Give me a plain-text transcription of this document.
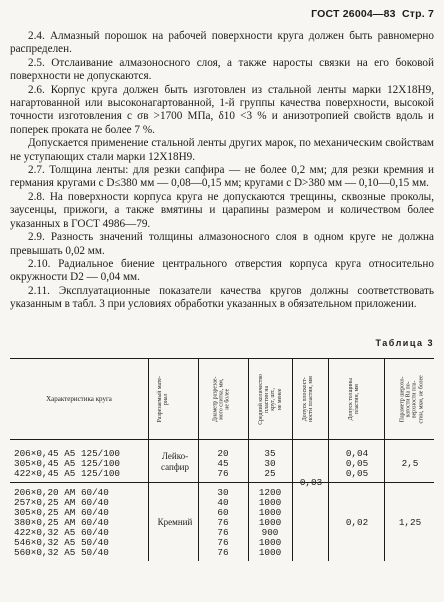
ГОСТ 26004—83 Стр. 7

2.4. Алмазный порошок на рабочей поверхности круга должен быть равномерно распределен.

2.5. Отслаивание алмазоносного слоя, а также наросты связки на его боковой поверхности не допускаются.

2.6. Корпус круга должен быть изготовлен из стальной ленты марки 12Х18Н9, нагартованной или высоконагартованной, 1-й группы качества поверхности, высокой точности изготовления с σв >1700 МПа, δ10 <3 % и анизотропией свойств вдоль и поперек проката не более 7 %.

Допускается применение стальной ленты других марок, по механическим свойствам не уступающих стали марки 12Х18Н9.

2.7. Толщина ленты: для резки сапфира — не более 0,2 мм; для резки кремния и германия кругами с D≤380 мм — 0,08—0,15 мм; кругами с D>380 мм — 0,10—0,15 мм.

2.8. На поверхности корпуса круга не допускаются трещины, сквозные проколы, заусенцы, прижоги, а также вмятины и царапины размером и количеством более указанных в ГОСТ 4986—79.

2.9. Разность значений толщины алмазоносного слоя в одном круге не должна превышать 0,02 мм.

2.10. Радиальное биение центрального отверстия корпуса круга относительно окружности D2 — 0,04 мм.

2.11. Эксплуатационные показатели качества кругов должны соответствовать указанным в табл. 3 при условиях обработки указанных в обязательном приложении.

Таблица 3
Характеристика круга	Разрезаемый мате-
риал
Диаметр разрезае-
мого слитка, мм,
не более
Средний количество
пластин на
круг, шт.,
не менее
Допуск плоскост-
ности пластин, мм
Допуск толщины
пластин, мм
Параметр шерохо-
ватости Ra по-
верхности пла-
стин, мкм, не более
206×0,45 А5 125/100
305×0,45 А5 125/100
422×0,45 А5 125/100
Лейко-
сапфир
20
45
76
35
30
25
0,04
0,05
0,05
2,5
206×0,20 АМ 60/40
257×0,25 АМ 60/40
305×0,25 АМ 60/40
380×0,25 АМ 60/40
422×0,32 А5 60/40
546×0,32 А5 50/40
560×0,32 А5 50/40
Кремний
30
40
60
76
76
76
76
1200
1000
1000
1000
900
1000
1000
0,03
0,02	1,25
